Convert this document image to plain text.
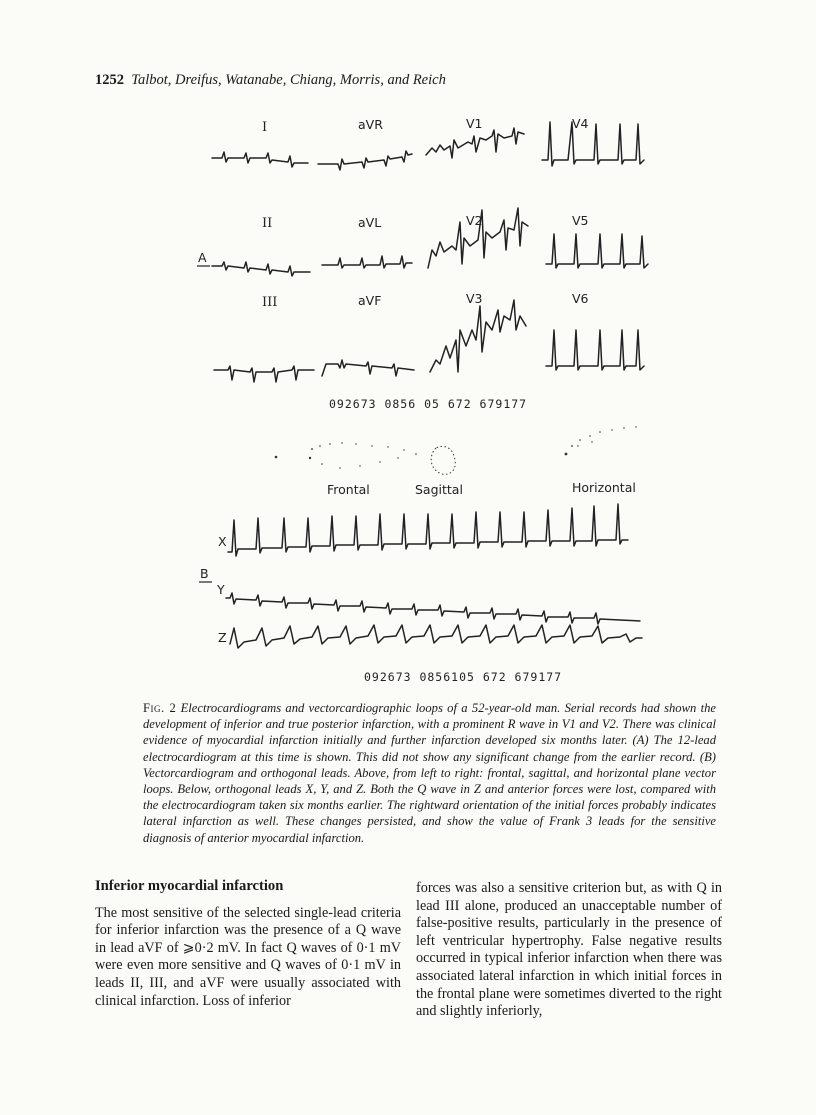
1252 Talbot, Dreifus, Watanabe, Chiang, Morris, and Reich
I	aVR	V1	V4
II	aVL	V2	V5
A
III	aVF	V3	V6
092673 0856 05 672 679177
Frontal	Sagittal	Horizontal
X
B
Y
Z
092673 0856105 672 679177
Fig. 2 Electrocardiograms and vectorcardiographic loops of a 52-year-old man. Serial records had shown the development of inferior and true posterior infarction, with a prominent R wave in V1 and V2. There was clinical evidence of myocardial infarction initially and further infarction developed six months later. (A) The 12-lead electrocardiogram at this time is shown. This did not show any significant change from the earlier record. (B) Vectorcardiogram and orthogonal leads. Above, from left to right: frontal, sagittal, and horizontal plane vector loops. Below, orthogonal leads X, Y, and Z. Both the Q wave in Z and anterior forces were lost, compared with the electrocardiogram taken six months earlier. The rightward orientation of the initial forces probably indicates lateral infarction as well. These changes persisted, and show the value of Frank 3 leads for the sensitive diagnosis of anterior myocardial infarction.
Inferior myocardial infarction

The most sensitive of the selected single-lead criteria for inferior infarction was the presence of a Q wave in lead aVF of ⩾0·2 mV. In fact Q waves of 0·1 mV were even more sensitive and Q waves of 0·1 mV in leads II, III, and aVF were usually associated with clinical infarction. Loss of inferior

forces was also a sensitive criterion but, as with Q in lead III alone, produced an unacceptable number of false-positive results, particularly in the presence of left ventricular hypertrophy. False negative results occurred in typical inferior infarction when there was associated lateral infarction in which initial forces in the frontal plane were sometimes diverted to the right and slightly inferiorly,
